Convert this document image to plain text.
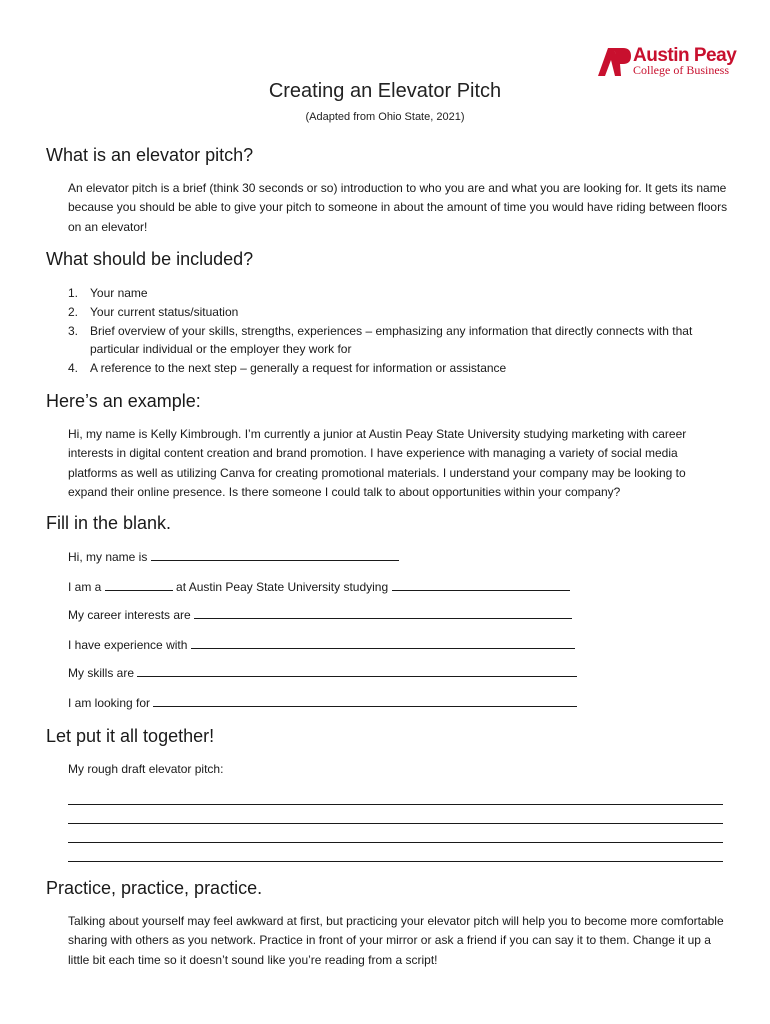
Austin Peay
College of Business
Creating an Elevator Pitch
(Adapted from Ohio State, 2021)
What is an elevator pitch?

An elevator pitch is a brief (think 30 seconds or so) introduction to who you are and what you are looking for. It gets its name because you should be able to give your pitch to someone in about the amount of time you would have riding between floors on an elevator!

What should be included?
1. Your name
2. Your current status/situation
3. Brief overview of your skills, strengths, experiences – emphasizing any information that directly connects with that particular individual or the employer they work for
4. A reference to the next step – generally a request for information or assistance
Here’s an example:

Hi, my name is Kelly Kimbrough. I’m currently a junior at Austin Peay State University studying marketing with career interests in digital content creation and brand promotion. I have experience with managing a variety of social media platforms as well as utilizing Canva for creating promotional materials. I understand your company may be looking to expand their online presence. Is there someone I could talk to about opportunities within your company?

Fill in the blank.
Hi, my name is
I am a	at Austin Peay State University studying
My career interests are
I have experience with
My skills are
I am looking for
Let put it all together!
My rough draft elevator pitch:
Practice, practice, practice.

Talking about yourself may feel awkward at first, but practicing your elevator pitch will help you to become more comfortable sharing with others as you network. Practice in front of your mirror or ask a friend if you can say it to them. Change it up a little bit each time so it doesn’t sound like you’re reading from a script!
